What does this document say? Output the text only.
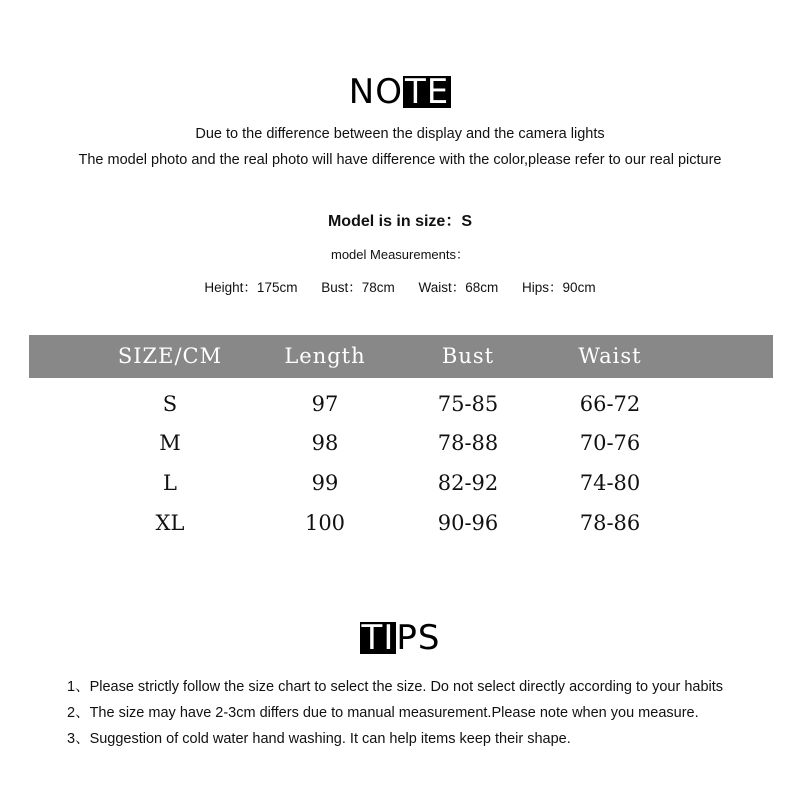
NOTE
Due to the difference between the display and the camera lights
The model photo and the real photo will have difference with the color,please refer to our real picture
Model is in size：S
model Measurements：
Height：175cm Bust：78cm Waist：68cm Hips：90cm
SIZE/CM	Length	Bust	Waist
S	97	75-85	66-72
M	98	78-88	70-76
L	99	82-92	74-80
XL	100	90-96	78-86
TIPS
1、Please strictly follow the size chart to select the size. Do not select directly according to your habits
2、The size may have 2-3cm differs due to manual measurement.Please note when you measure.
3、Suggestion of cold water hand washing. It can help items keep their shape.
